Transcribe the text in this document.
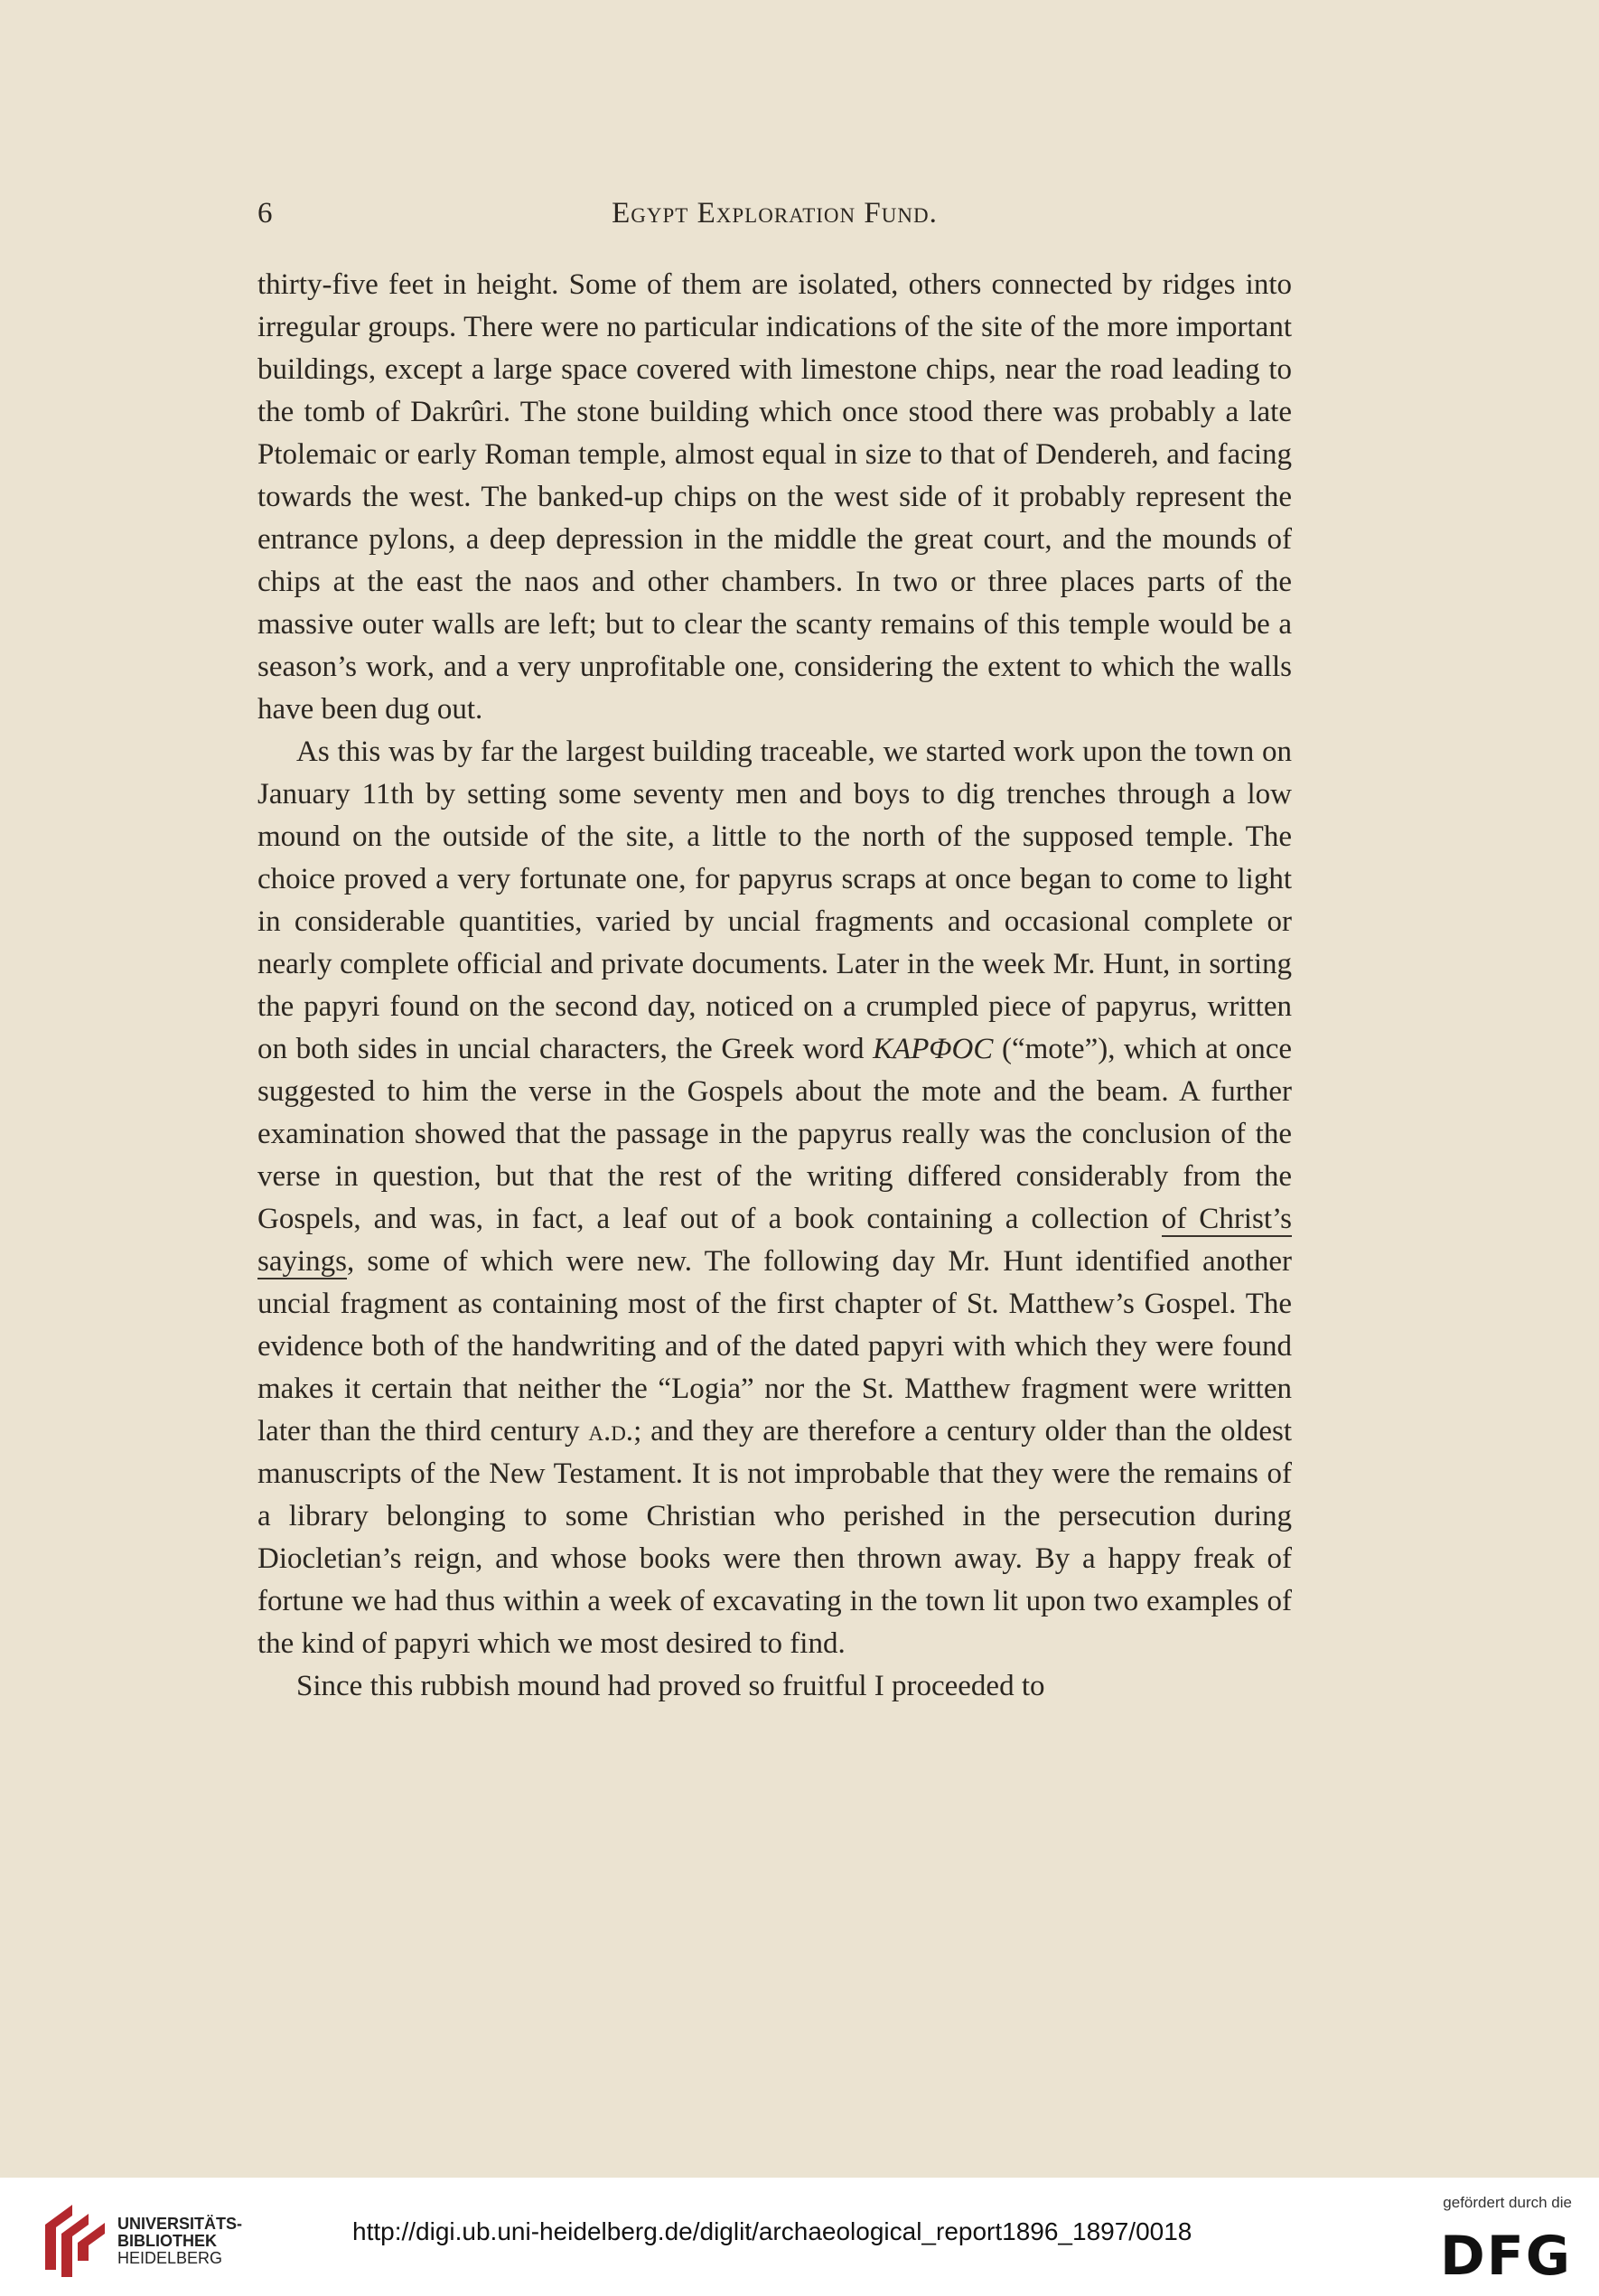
6	Egypt Exploration Fund.

thirty-five feet in height. Some of them are isolated, others connected by ridges into irregular groups. There were no particular indications of the site of the more important buildings, except a large space covered with limestone chips, near the road leading to the tomb of Dakrûri. The stone building which once stood there was probably a late Ptolemaic or early Roman temple, almost equal in size to that of Dendereh, and facing towards the west. The banked-up chips on the west side of it probably represent the entrance pylons, a deep depression in the middle the great court, and the mounds of chips at the east the naos and other chambers. In two or three places parts of the massive outer walls are left; but to clear the scanty remains of this temple would be a season’s work, and a very unprofitable one, considering the extent to which the walls have been dug out.

As this was by far the largest building traceable, we started work upon the town on January 11th by setting some seventy men and boys to dig trenches through a low mound on the outside of the site, a little to the north of the supposed temple. The choice proved a very fortunate one, for papyrus scraps at once began to come to light in considerable quantities, varied by uncial fragments and occasional complete or nearly complete official and private documents. Later in the week Mr. Hunt, in sorting the papyri found on the second day, noticed on a crumpled piece of papyrus, written on both sides in uncial characters, the Greek word ΚΑΡΦΟϹ (“mote”), which at once suggested to him the verse in the Gospels about the mote and the beam. A further examination showed that the passage in the papyrus really was the conclusion of the verse in question, but that the rest of the writing differed considerably from the Gospels, and was, in fact, a leaf out of a book containing a collection of Christ’s sayings, some of which were new. The following day Mr. Hunt identified another uncial fragment as containing most of the first chapter of St. Matthew’s Gospel. The evidence both of the handwriting and of the dated papyri with which they were found makes it certain that neither the “Logia” nor the St. Matthew fragment were written later than the third century a.d.; and they are therefore a century older than the oldest manuscripts of the New Testament. It is not improbable that they were the remains of a library belonging to some Christian who perished in the persecution during Diocletian’s reign, and whose books were then thrown away. By a happy freak of fortune we had thus within a week of excavating in the town lit upon two examples of the kind of papyri which we most desired to find.

Since this rubbish mound had proved so fruitful I proceeded to

UNIVERSITÄTS-
BIBLIOTHEK
HEIDELBERG
http://digi.ub.uni-heidelberg.de/diglit/archaeological_report1896_1897/0018
gefördert durch die
DFG
